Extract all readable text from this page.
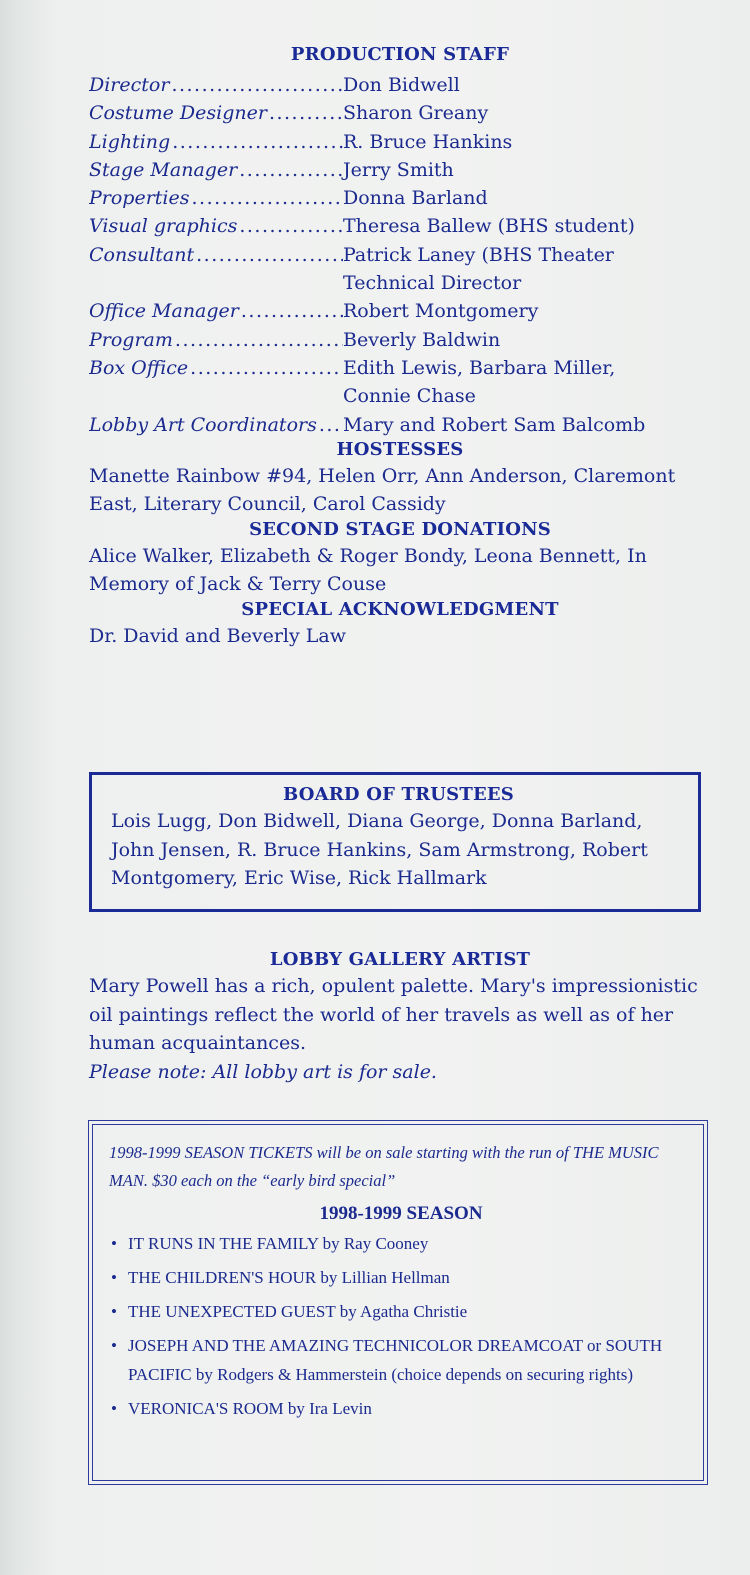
PRODUCTION STAFF
Director .....	Don Bidwell
Costume Designer .....	Sharon Greany
Lighting .....	R. Bruce Hankins
Stage Manager .....	Jerry Smith
Properties .....	Donna Barland
Visual graphics .....	Theresa Ballew (BHS student)
Consultant .....	Patrick Laney (BHS Theater
Technical Director
Office Manager .....	Robert Montgomery
Program .....	Beverly Baldwin
Box Office .....	Edith Lewis, Barbara Miller,
Connie Chase
Lobby Art Coordinators ..... Mary and Robert Sam Balcomb
HOSTESSES

Manette Rainbow #94, Helen Orr, Ann Anderson, Claremont East, Literary Council, Carol Cassidy

SECOND STAGE DONATIONS

Alice Walker, Elizabeth & Roger Bondy, Leona Bennett, In Memory of Jack & Terry Couse

SPECIAL ACKNOWLEDGMENT

Dr. David and Beverly Law

BOARD OF TRUSTEES

Lois Lugg, Don Bidwell, Diana George, Donna Barland, John Jensen, R. Bruce Hankins, Sam Armstrong, Robert Montgomery, Eric Wise, Rick Hallmark

LOBBY GALLERY ARTIST

Mary Powell has a rich, opulent palette. Mary's impressionistic oil paintings reflect the world of her travels as well as of her human acquaintances.

Please note: All lobby art is for sale.

1998-1999 SEASON TICKETS will be on sale starting with the run of THE MUSIC MAN. $30 each on the “early bird special”

1998-1999 SEASON
• IT RUNS IN THE FAMILY by Ray Cooney
• THE CHILDREN'S HOUR by Lillian Hellman
• THE UNEXPECTED GUEST by Agatha Christie
• JOSEPH AND THE AMAZING TECHNICOLOR DREAMCOAT or SOUTH PACIFIC by Rodgers & Hammerstein (choice depends on securing rights)
• VERONICA'S ROOM by Ira Levin
